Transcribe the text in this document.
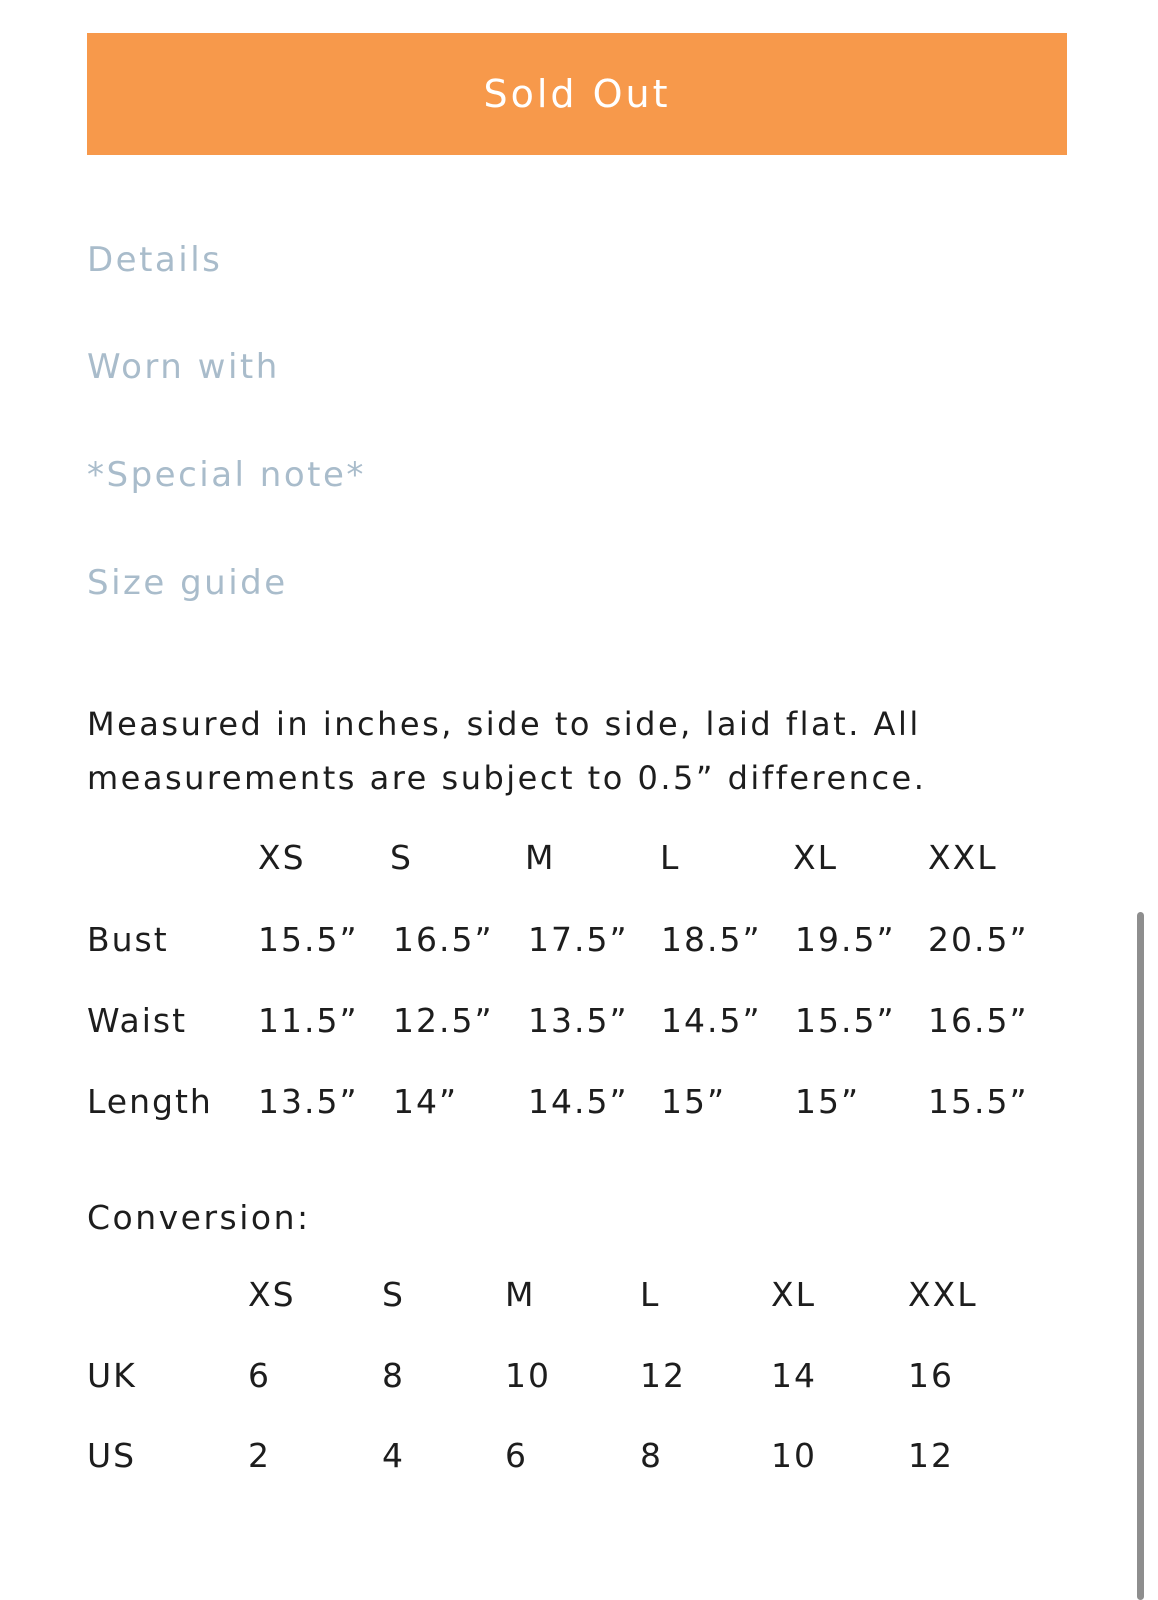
Sold Out
Details
Worn with
*Special note*
Size guide
Measured in inches, side to side, laid flat. All
measurements are subject to 0.5” difference.
XS	S	M	L	XL	XXL
Bust	15.5” 16.5” 17.5” 18.5” 19.5” 20.5”
Waist 11.5” 12.5” 13.5” 14.5” 15.5” 16.5”
Length 13.5” 14” 14.5” 15” 15” 15.5”
Conversion:
XS	S	M	L	XL	XXL
UK	6	8	10	12	14	16
US	2	4	6	8	10	12
